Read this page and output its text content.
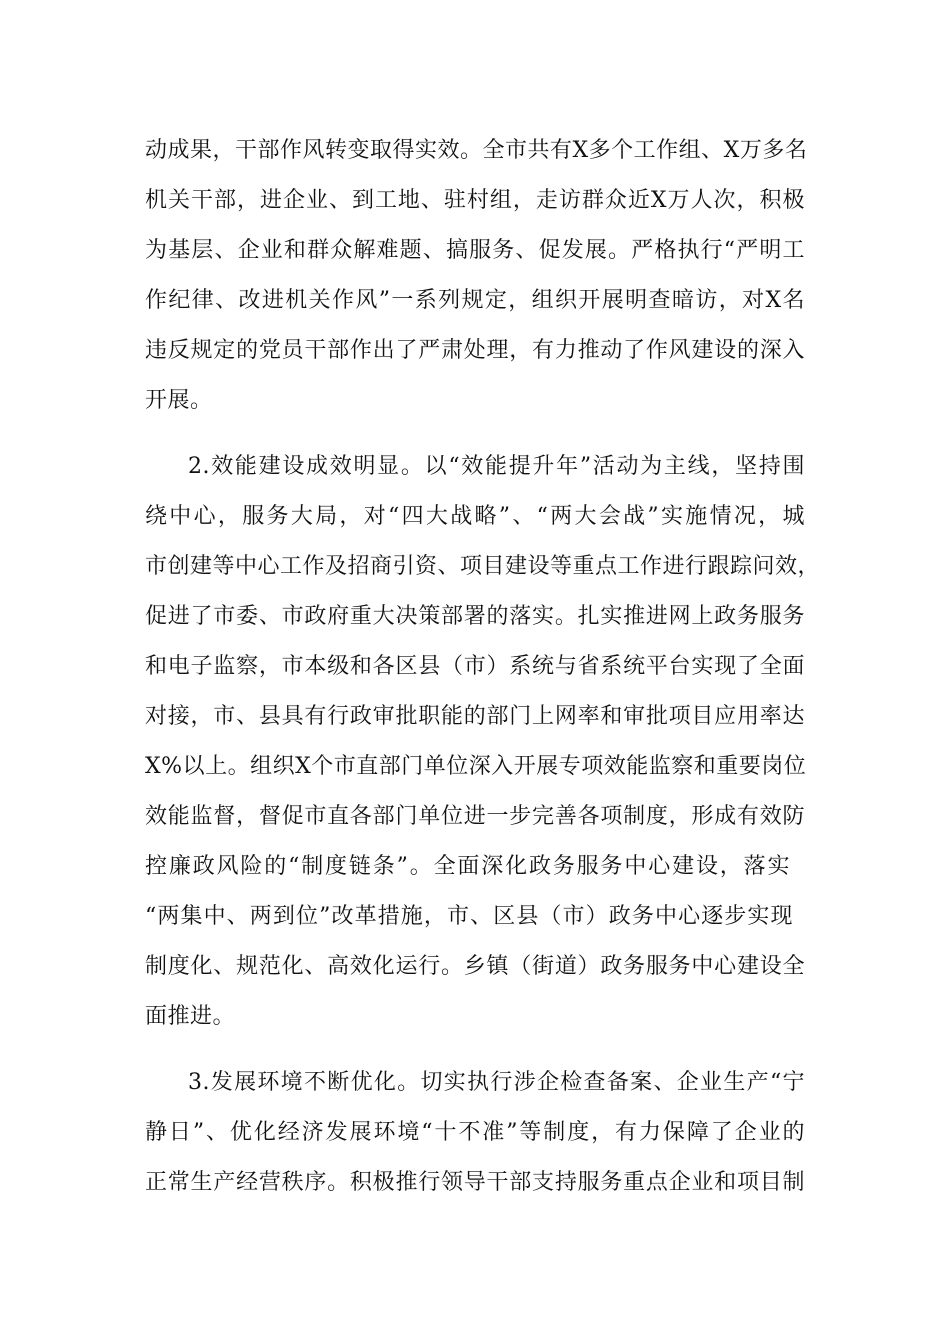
动成果，干部作风转变取得实效。全市共有X多个工作组、X万多名
机关干部，进企业、到工地、驻村组，走访群众近X万人次，积极
为基层、企业和群众解难题、搞服务、促发展。严格执行“严明工
作纪律、改进机关作风”一系列规定，组织开展明查暗访，对X名
违反规定的党员干部作出了严肃处理，有力推动了作风建设的深入
开展。
2.效能建设成效明显。以“效能提升年”活动为主线，坚持围
绕中心，服务大局，对“四大战略”、“两大会战”实施情况，城
市创建等中心工作及招商引资、项目建设等重点工作进行跟踪问效，
促进了市委、市政府重大决策部署的落实。扎实推进网上政务服务
和电子监察，市本级和各区县（市）系统与省系统平台实现了全面
对接，市、县具有行政审批职能的部门上网率和审批项目应用率达
X%以上。组织X个市直部门单位深入开展专项效能监察和重要岗位
效能监督，督促市直各部门单位进一步完善各项制度，形成有效防
控廉政风险的“制度链条”。全面深化政务服务中心建设，落实
“两集中、两到位”改革措施，市、区县（市）政务中心逐步实现
制度化、规范化、高效化运行。乡镇（街道）政务服务中心建设全
面推进。
3.发展环境不断优化。切实执行涉企检查备案、企业生产“宁
静日”、优化经济发展环境“十不准”等制度，有力保障了企业的
正常生产经营秩序。积极推行领导干部支持服务重点企业和项目制
